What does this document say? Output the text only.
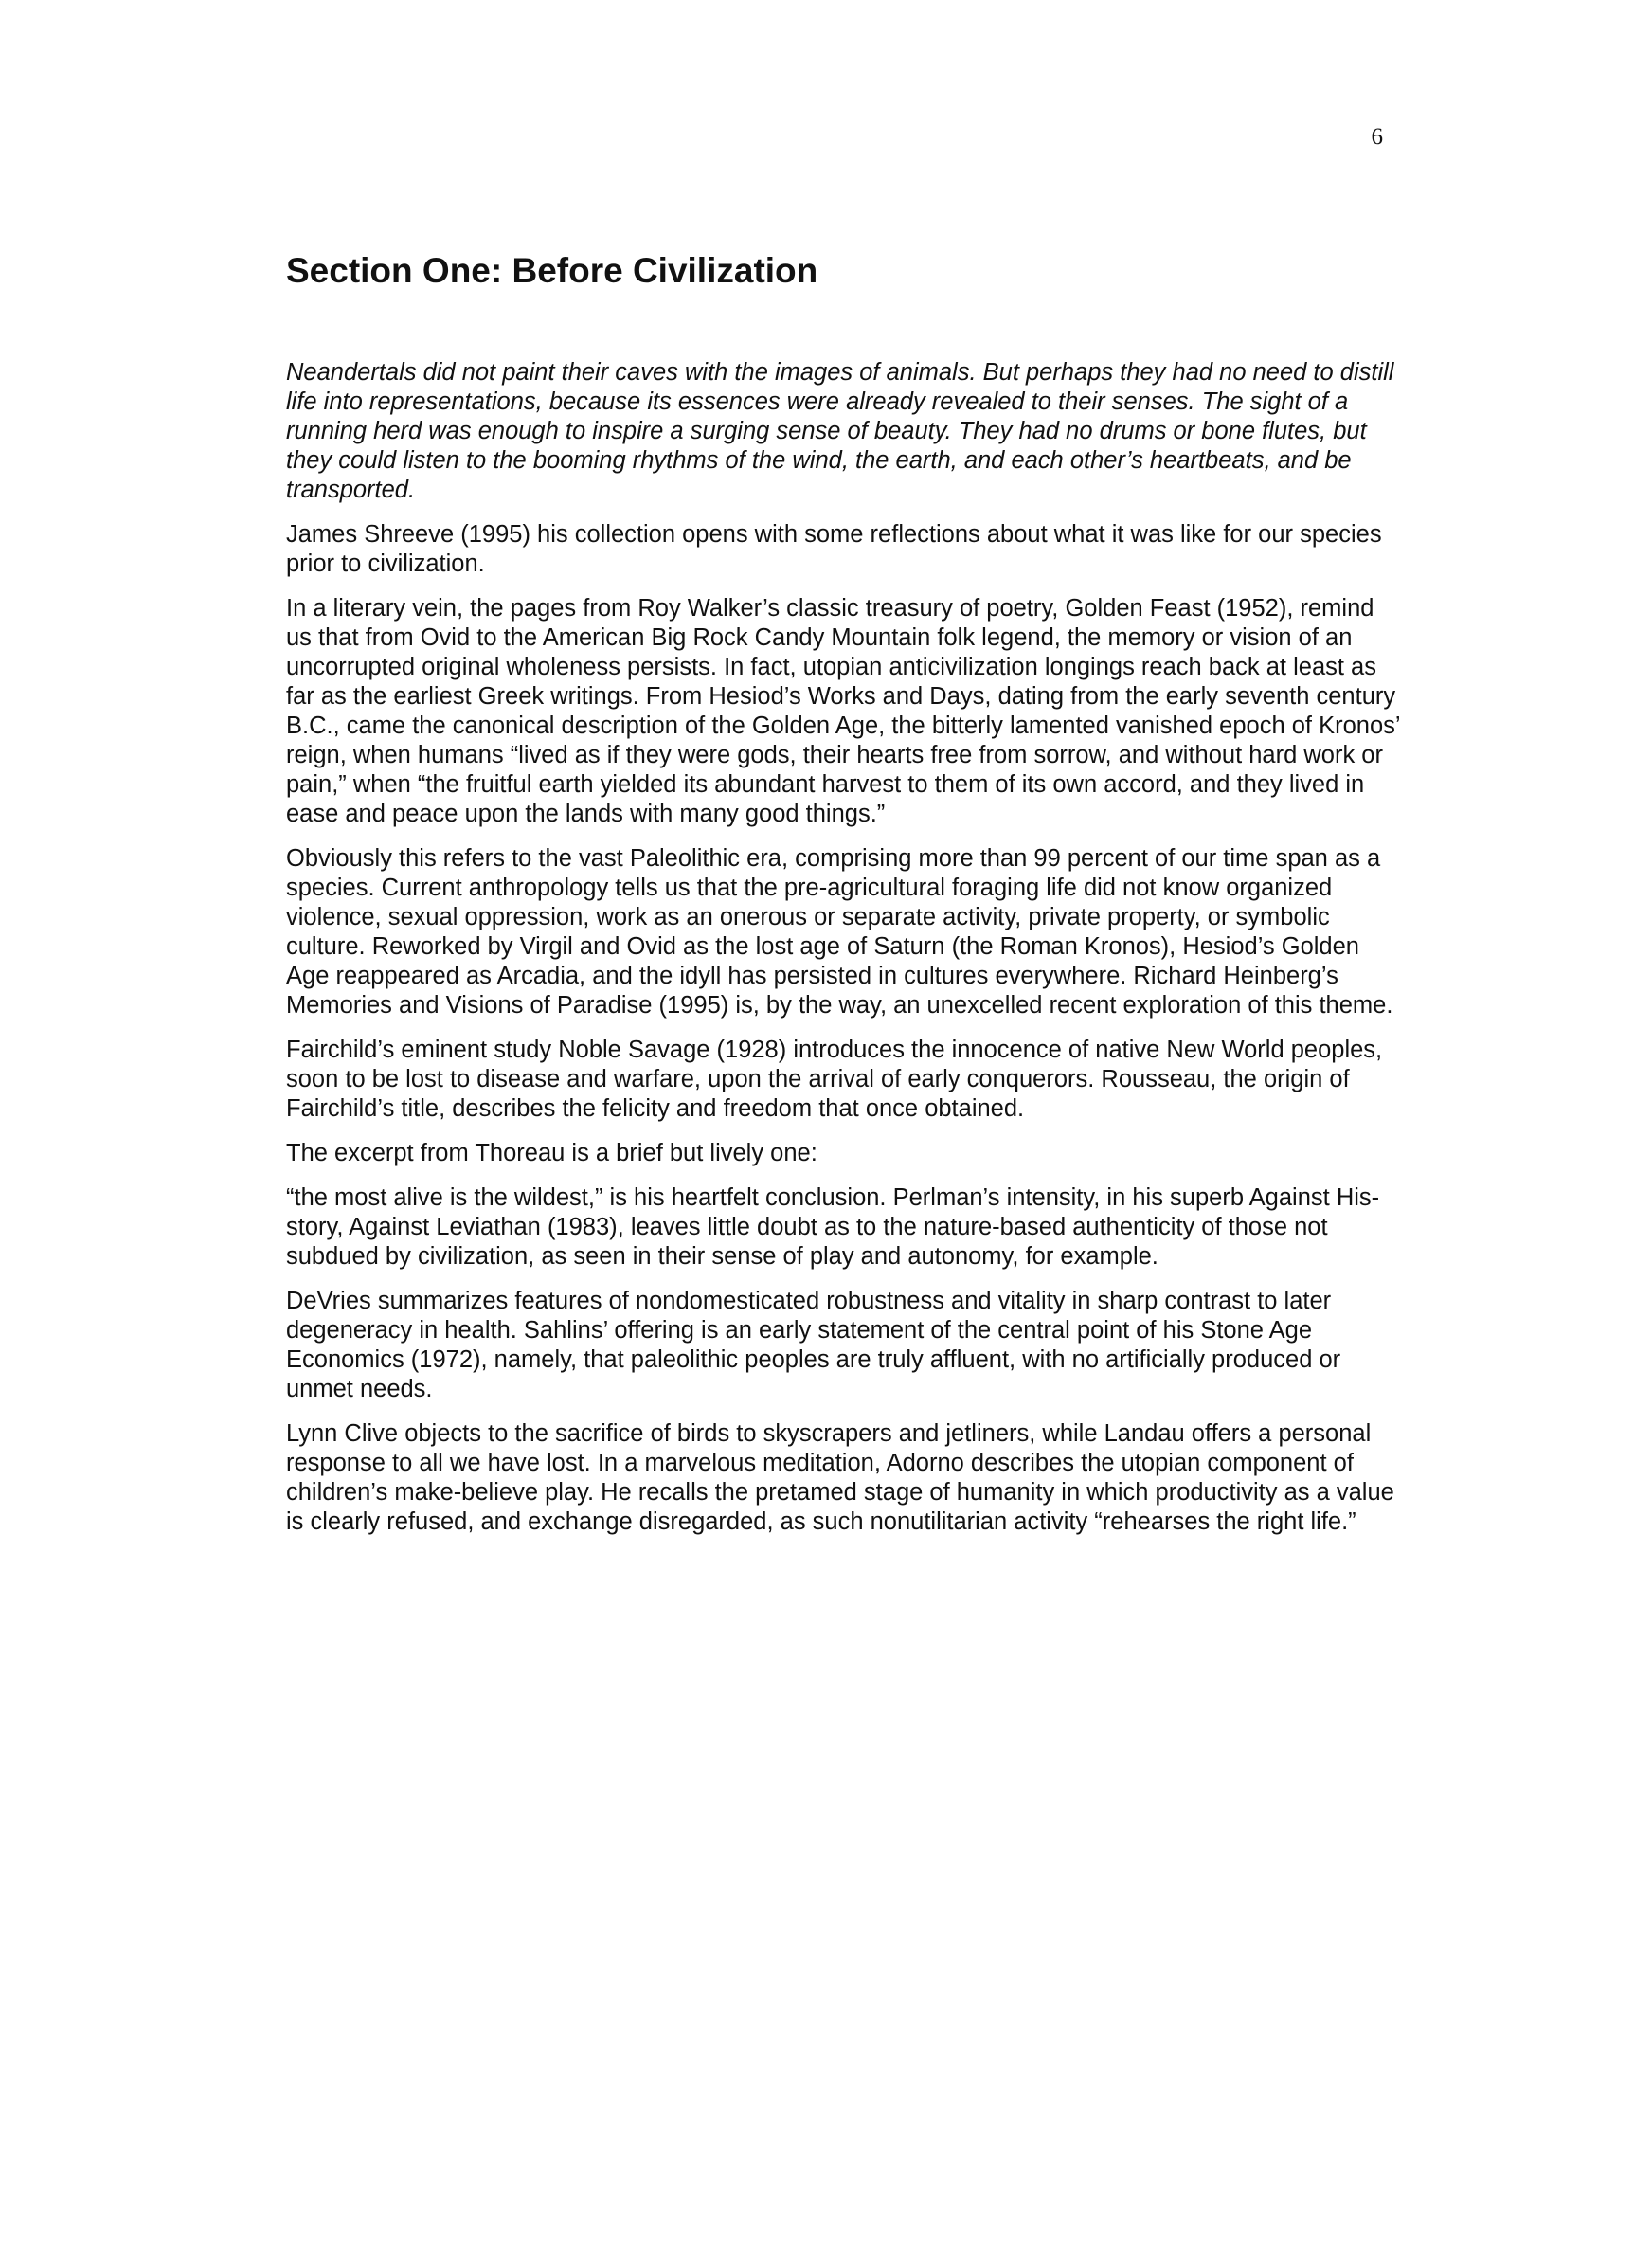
6
Section One: Before Civilization

Neandertals did not paint their caves with the images of animals. But perhaps they had no need to distill life into representations, because its essences were already revealed to their senses. The sight of a running herd was enough to inspire a surging sense of beauty. They had no drums or bone flutes, but they could listen to the booming rhythms of the wind, the earth, and each other’s heartbeats, and be transported.

James Shreeve (1995) his collection opens with some reflections about what it was like for our species prior to civilization.

In a literary vein, the pages from Roy Walker’s classic treasury of poetry, Golden Feast (1952), remind us that from Ovid to the American Big Rock Candy Mountain folk legend, the memory or vision of an uncorrupted original wholeness persists. In fact, utopian anticivilization longings reach back at least as far as the earliest Greek writings. From Hesiod’s Works and Days, dating from the early seventh century B.C., came the canonical description of the Golden Age, the bitterly lamented vanished epoch of Kronos’ reign, when humans “lived as if they were gods, their hearts free from sorrow, and without hard work or pain,” when “the fruitful earth yielded its abundant harvest to them of its own accord, and they lived in ease and peace upon the lands with many good things.”

Obviously this refers to the vast Paleolithic era, comprising more than 99 percent of our time span as a species. Current anthropology tells us that the pre-agricultural foraging life did not know organized violence, sexual oppression, work as an onerous or separate activity, private property, or symbolic culture. Reworked by Virgil and Ovid as the lost age of Saturn (the Roman Kronos), Hesiod’s Golden Age reappeared as Arcadia, and the idyll has persisted in cultures everywhere. Richard Heinberg’s Memories and Visions of Paradise (1995) is, by the way, an unexcelled recent exploration of this theme.

Fairchild’s eminent study Noble Savage (1928) introduces the innocence of native New World peoples, soon to be lost to disease and warfare, upon the arrival of early conquerors. Rousseau, the origin of Fairchild’s title, describes the felicity and freedom that once obtained.

The excerpt from Thoreau is a brief but lively one:

“the most alive is the wildest,” is his heartfelt conclusion. Perlman’s intensity, in his superb Against His-story, Against Leviathan (1983), leaves little doubt as to the nature-based authenticity of those not subdued by civilization, as seen in their sense of play and autonomy, for example.

DeVries summarizes features of nondomesticated robustness and vitality in sharp contrast to later degeneracy in health. Sahlins’ offering is an early statement of the central point of his Stone Age Economics (1972), namely, that paleolithic peoples are truly affluent, with no artificially produced or unmet needs.

Lynn Clive objects to the sacrifice of birds to skyscrapers and jetliners, while Landau offers a personal response to all we have lost. In a marvelous meditation, Adorno describes the utopian component of children’s make-believe play. He recalls the pretamed stage of humanity in which productivity as a value is clearly refused, and exchange disregarded, as such nonutilitarian activity “rehearses the right life.”
